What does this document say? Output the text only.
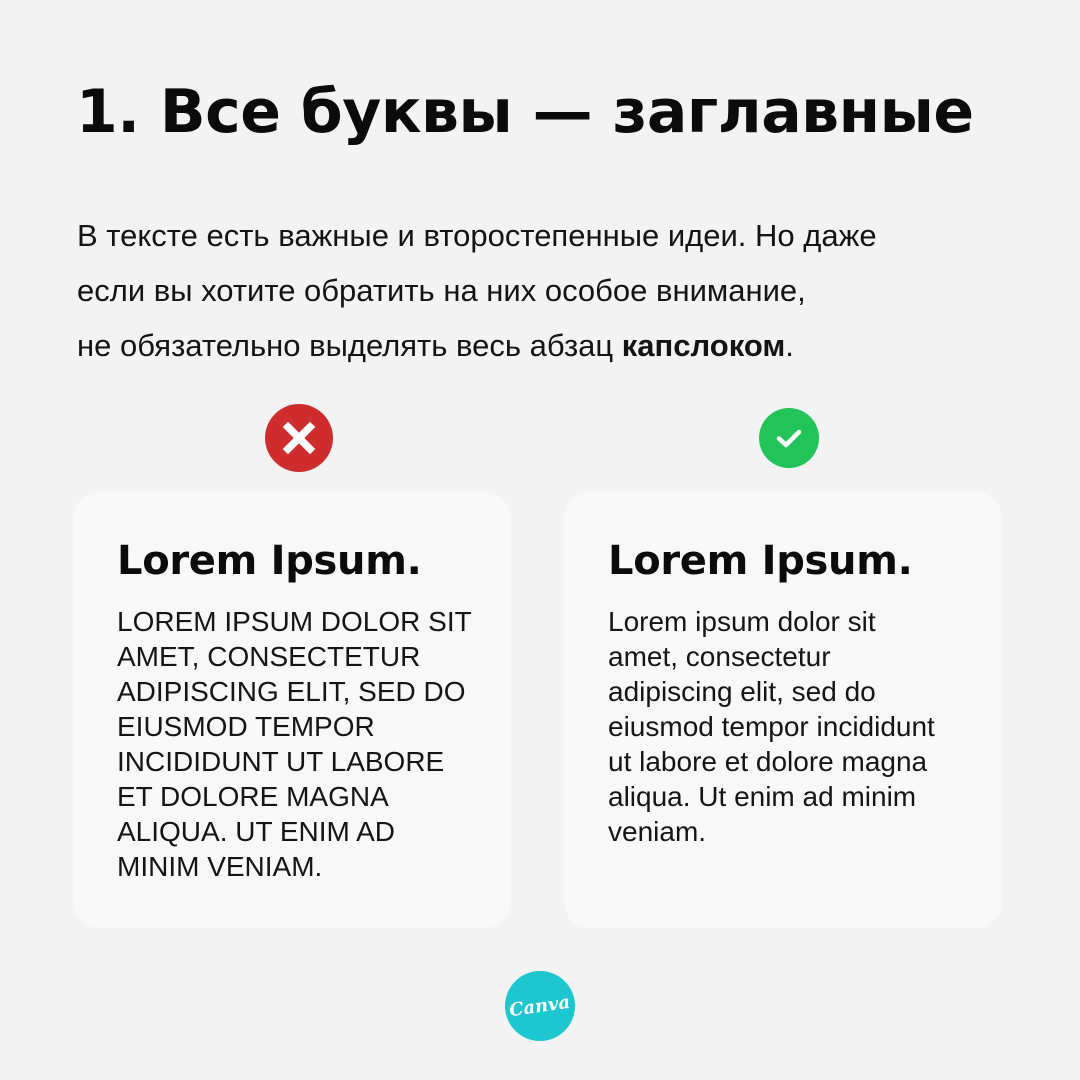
1. Все буквы — заглавные

В тексте есть важные и второстепенные идеи. Но даже
если вы хотите обратить на них особое внимание,
не обязательно выделять весь абзац капслоком.

Lorem Ipsum.
LOREM IPSUM DOLOR SIT
AMET, CONSECTETUR
ADIPISCING ELIT, SED DO
EIUSMOD TEMPOR
INCIDIDUNT UT LABORE
ET DOLORE MAGNA
ALIQUA. UT ENIM AD
MINIM VENIAM.
Lorem Ipsum.
Lorem ipsum dolor sit
amet, consectetur
adipiscing elit, sed do
eiusmod tempor incididunt
ut labore et dolore magna
aliqua. Ut enim ad minim
veniam.
Canva
